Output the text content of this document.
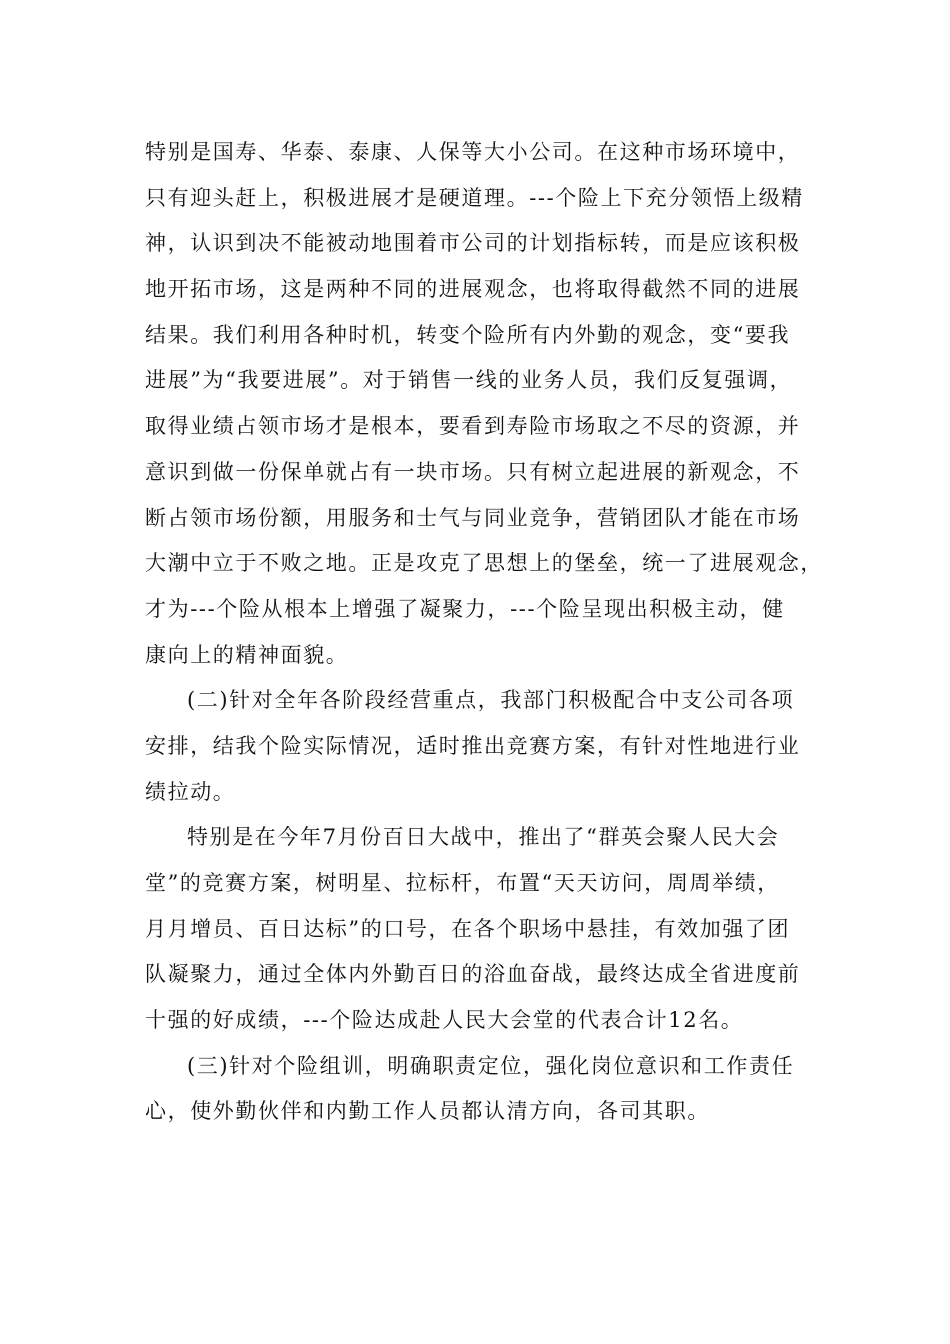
特别是国寿、华泰、泰康、人保等大小公司。在这种市场环境中，
只有迎头赶上，积极进展才是硬道理。---个险上下充分领悟上级精
神，认识到决不能被动地围着市公司的计划指标转，而是应该积极
地开拓市场，这是两种不同的进展观念，也将取得截然不同的进展
结果。我们利用各种时机，转变个险所有内外勤的观念，变“要我
进展”为“我要进展”。对于销售一线的业务人员，我们反复强调，
取得业绩占领市场才是根本，要看到寿险市场取之不尽的资源，并
意识到做一份保单就占有一块市场。只有树立起进展的新观念，不
断占领市场份额，用服务和士气与同业竞争，营销团队才能在市场
大潮中立于不败之地。正是攻克了思想上的堡垒，统一了进展观念，
才为---个险从根本上增强了凝聚力，---个险呈现出积极主动，健
康向上的精神面貌。
(二)针对全年各阶段经营重点，我部门积极配合中支公司各项
安排，结我个险实际情况，适时推出竞赛方案，有针对性地进行业
绩拉动。
特别是在今年7月份百日大战中，推出了“群英会聚人民大会
堂”的竞赛方案，树明星、拉标杆，布置“天天访问，周周举绩，
月月增员、百日达标”的口号，在各个职场中悬挂，有效加强了团
队凝聚力，通过全体内外勤百日的浴血奋战，最终达成全省进度前
十强的好成绩，---个险达成赴人民大会堂的代表合计12名。
(三)针对个险组训，明确职责定位，强化岗位意识和工作责任
心，使外勤伙伴和内勤工作人员都认清方向，各司其职。
